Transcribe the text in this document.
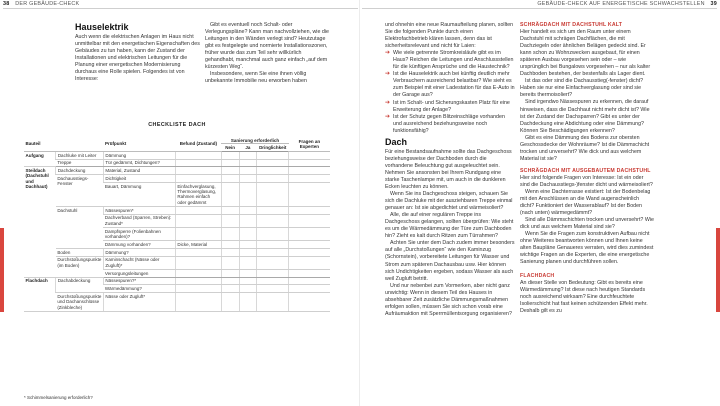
38 DER GEBÄUDE-CHECK
Hauselektrik

Auch wenn die elektrischen Anlagen im Haus nicht unmittelbar mit den energetischen Eigenschaften des Gebäudes zu tun haben, kann der Zustand der Installationen und elektrischen Leitungen für die Planung einer energetischen Modernisierung durchaus eine Rolle spielen. Folgendes ist von Interesse:

Gibt es eventuell noch Schalt- oder Verlegungspläne? Kann man nachvollziehen, wie die Leitungen in den Wänden verlegt sind? Heutzutage gibt es festgelegte und normierte Installationszonen, früher wurde das zum Teil sehr willkürlich gehandhabt, manchmal auch ganz einfach „auf dem kürzesten Weg“.

Insbesondere, wenn Sie eine ihnen völlig unbekannte Immobilie neu erworben haben

CHECKLISTE DACH
Bauteil	Prüfpunkt		Befund (Zustand)	Sanierung erforderlich			Fragen an Experten
				Nein	Ja	Dringlichkeit	
Aufgang	Dachluke mit Leiter	Dämmung					
	Treppe	Tür gedämmt, Dichtungen?					
Steildach (Dachstuhl und Dachhaut)	Dachdeckung	Material, Zustand					
	Dachausstiegs-Fenster	Dichtigkeit					
		Bauart, Dämmung	Einfachverglasung, Thermoverglasung, Rahmen einfach oder gedämmt				
	Dachstuhl	Nässespuren*					
		Dachverband (Sparren, Streben): Zustand*					
		Dampfsperre (Folienbahnen vorhanden)?					
		Dämmung vorhanden?	Dicke, Material				
	Boden	Dämmung?					
	Durchstoßungspunkte (im Boden)	Kaminschacht (Nässe oder Zugluft)*					
		Versorgungsleitungen					
Flachdach	Dachabdeckung	Nässespuren?*					
		Wärmedämmung?					
	Durchstoßungspunkte und Dachanschlüsse (Zinkbleche)	Nässe oder Zugluft*					
* Schimmelsanierung erforderlich?
GEBÄUDE-CHECK AUF ENERGETISCHE SCHWACHSTELLEN 39

und ohnehin eine neue Raumaufteilung planen, sollten Sie die folgenden Punkte durch einen Elektrofachbetrieb klären lassen, denn das ist sicherheitsrelevant und nicht für Laien:

➔ Wie vielе getrennte Stromkreisläufe gibt es im Haus? Reichen die Leitungen und Anschlussstellen für die künftigen Ansprüche und die Haustechnik?
➔ Ist die Hauselektrik auch bei künftig deutlich mehr Verbrauchern ausreichend belastbar? Wie sieht es zum Beispiel mit einer Ladestation für das E-Auto in der Garage aus?
➔ Ist im Schalt- und Sicherungskasten Platz für eine Erweiterung der Anlage?
➔ Ist der Schutz gegen Blitzeinschläge vorhanden und ausreichend beziehungsweise noch funktionsfähig?
Dach

Für eine Bestandsaufnahme sollte das Dachgeschoss beziehungsweise der Dachboden durch die vorhandene Beleuchtung gut ausgeleuchtet sein. Nehmen Sie ansonsten bei Ihrem Rundgang eine starke Taschenlampe mit, um auch in die dunkleren Ecken leuchten zu können.

Wenn Sie ins Dachgeschoss steigen, schauen Sie sich die Dachluke mit der ausziehbaren Treppe einmal genauer an: Ist sie abgedichtet und wärmeisoliert?

Alle, die auf einer regulären Treppe ins Dachgeschoss gelangen, sollten überprüfen: Wie steht es um die Wärmedämmung der Türe zum Dachboden hin? Zieht es kalt durch Ritzen zum Türrahmen?

Achten Sie unter dem Dach zudem immer besonders auf alle „Durchstoßungen“ wie den Kaminzug (Schornstein), vorbereitete Leitungen für Wasser und Strom zum späteren Dachausbau usw. Hier können sich Undichtigkeiten ergeben, sodass Wasser als auch weil Zugluft betritt.

Und nur nebenbei zum Vormerken, aber nicht ganz unwichtig: Wenn in diesem Teil des Hauses in absehbarer Zeit zusätzliche Dämmungsmaßnahmen erfolgen sollen, müssen Sie sich schon vorab eine Aufräumaktion mit Sperrmüllentsorgung organisieren?

SCHRÄGDACH MIT DACHSTUHL KALT

Hier handelt es sich um den Raum unter einem Dachstuhl mit schrägen Dachflächen, die mit Dachziegeln oder ähnlichen Belägen gedeckt sind. Er kann schon zu Wohnzwecken ausgebaut, für einen späteren Ausbau vorgesehen sein oder – wie ursprünglich bei Bungalows vorgesehen – nur als kalter Dachboden bestehen, der bestenfalls als Lager dient.

Ist das oder sind die Dachausstieg(-fenster) dicht? Haben sie nur eine Einfachverglasung oder sind sie bereits thermoisoliert?

Sind irgendwo Nässespuren zu erkennen, die darauf hinweisen, dass die Dachhaut nicht mehr dicht ist? Wie ist der Zustand der Dachsparren? Gibt es unter der Dachdeckung eine Abdichtung oder eine Dämmung? Können Sie Beschädigungen erkennen?

Gibt es eine Dämmung des Bodens zur obersten Geschossdecke der Wohnräume? Ist die Dämmschicht trocken und unversehrt? Wie dick und aus welchem Material ist sie?

SCHRÄGDACH MIT AUSGEBAUTEM DACHSTUHL

Hier sind folgende Fragen von Interesse: Ist ein oder sind die Dachausstiegs-)fenster dicht und wärmeisoliert?

Wenn eine Dachterrasse existiert: Ist der Bodenbelag mit den Anschlüssen an die Wand augenscheinlich dicht? Funktioniert der Wasserablauf? Ist der Boden (nach unten) wärmegedämmt?

Sind alle Dämmschichten trocken und unversehrt? Wie dick und aus welchem Material sind sie?

Wenn Sie die Fragen zum konstruktiven Aufbau nicht ohne Weiteres beantworten können und Ihnen keine alten Baupläne Genaueres verraten, wird dies zumindest wichtige Fragen an die Experten, die eine energetische Sanierung planen und durchführen sollen.

FLACHDACH

An dieser Stelle von Bedeutung: Gibt es bereits eine Wärmedämmung? Ist diese nach heutigen Standards noch ausreichend wirksam? Eine durchfeuchtete Isolierschicht hat fast keinen schützenden Effekt mehr. Deshalb gilt es zu
